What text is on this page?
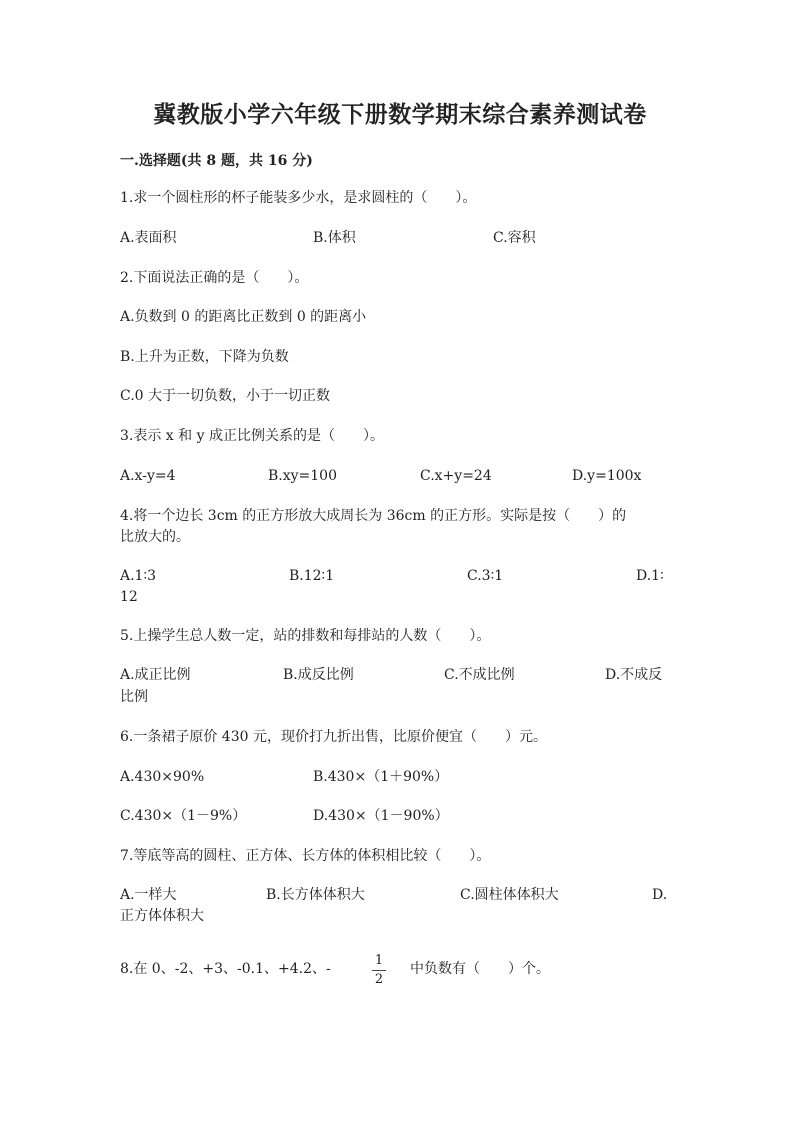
冀教版小学六年级下册数学期末综合素养测试卷
一.选择题(共 8 题，共 16 分)
1.求一个圆柱形的杯子能装多少水，是求圆柱的（　　）。
A.表面积	B.体积	C.容积
2.下面说法正确的是（　　）。
A.负数到 0 的距离比正数到 0 的距离小
B.上升为正数，下降为负数
C.0 大于一切负数，小于一切正数
3.表示 x 和 y 成正比例关系的是（　　）。
A.x-y=4	B.xy=100	C.x+y=24	D.y=100x
4.将一个边长 3cm 的正方形放大成周长为 36cm 的正方形。实际是按（　　）的
比放大的。
A.1∶3	B.12∶1	C.3∶1	D.1∶
12
5.上操学生总人数一定，站的排数和每排站的人数（　　）。
A.成正比例	B.成反比例	C.不成比例	D.不成反
比例
6.一条裙子原价 430 元，现价打九折出售，比原价便宜（　　）元。
A.430×90%	B.430×（1＋90%）
C.430×（1－9%）	D.430×（1－90%）
7.等底等高的圆柱、正方体、长方体的体积相比较（　　）。
A.一样大	B.长方体体积大	C.圆柱体体积大	D.
正方体体积大
8.在 0、-2、+3、-0.1、+4.2、-
1
2
中负数有（　　）个。
